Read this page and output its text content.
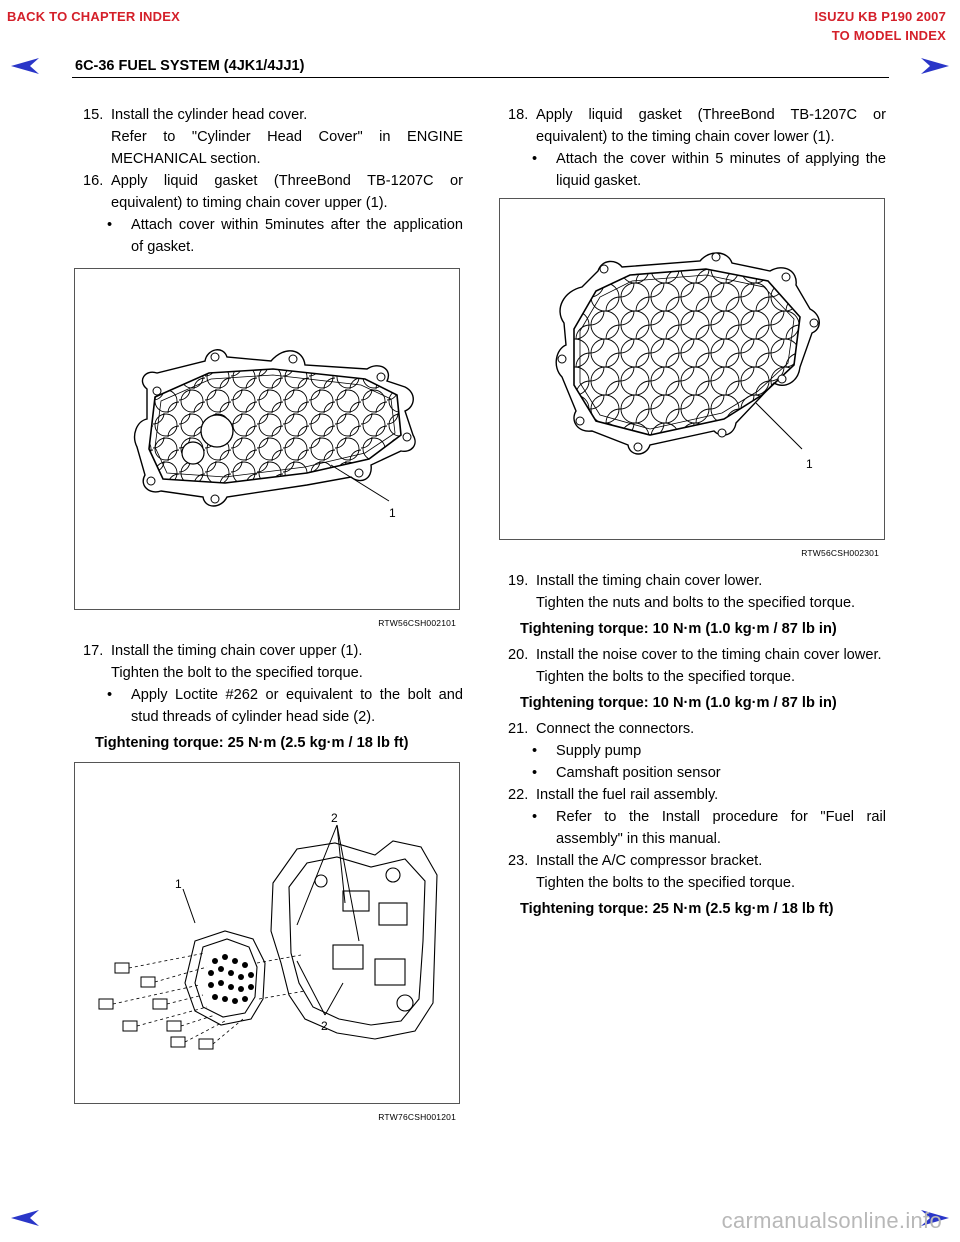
BACK TO CHAPTER INDEX	ISUZU KB P190 2007
TO MODEL INDEX
6C-36 FUEL SYSTEM (4JK1/4JJ1)
15. Install the cylinder head cover.
Refer to "Cylinder Head Cover" in ENGINE MECHANICAL section.
16. Apply liquid gasket (ThreeBond TB-1207C or equivalent) to timing chain cover upper (1).
•	Attach cover within 5minutes after the application of gasket.
1
RTW56CSH002101
17. Install the timing chain cover upper (1).
Tighten the bolt to the specified torque.
•	Apply Loctite #262 or equivalent to the bolt and stud threads of cylinder head side (2).
Tightening torque: 25 N·m (2.5 kg·m / 18 lb ft)
1
2
2
RTW76CSH001201
18. Apply liquid gasket (ThreeBond TB-1207C or equivalent) to the timing chain cover lower (1).
•	Attach the cover within 5 minutes of applying the liquid gasket.
1
RTW56CSH002301
19. Install the timing chain cover lower.
Tighten the nuts and bolts to the specified torque.
Tightening torque: 10 N·m (1.0 kg·m / 87 lb in)
20. Install the noise cover to the timing chain cover lower.
Tighten the bolts to the specified torque.
Tightening torque: 10 N·m (1.0 kg·m / 87 lb in)
21. Connect the connectors.
•	Supply pump
•	Camshaft position sensor
22. Install the fuel rail assembly.
•	Refer to the Install procedure for "Fuel rail assembly" in this manual.
23. Install the A/C compressor bracket.
Tighten the bolts to the specified torque.
Tightening torque: 25 N·m (2.5 kg·m / 18 lb ft)
carmanualsonline.info
